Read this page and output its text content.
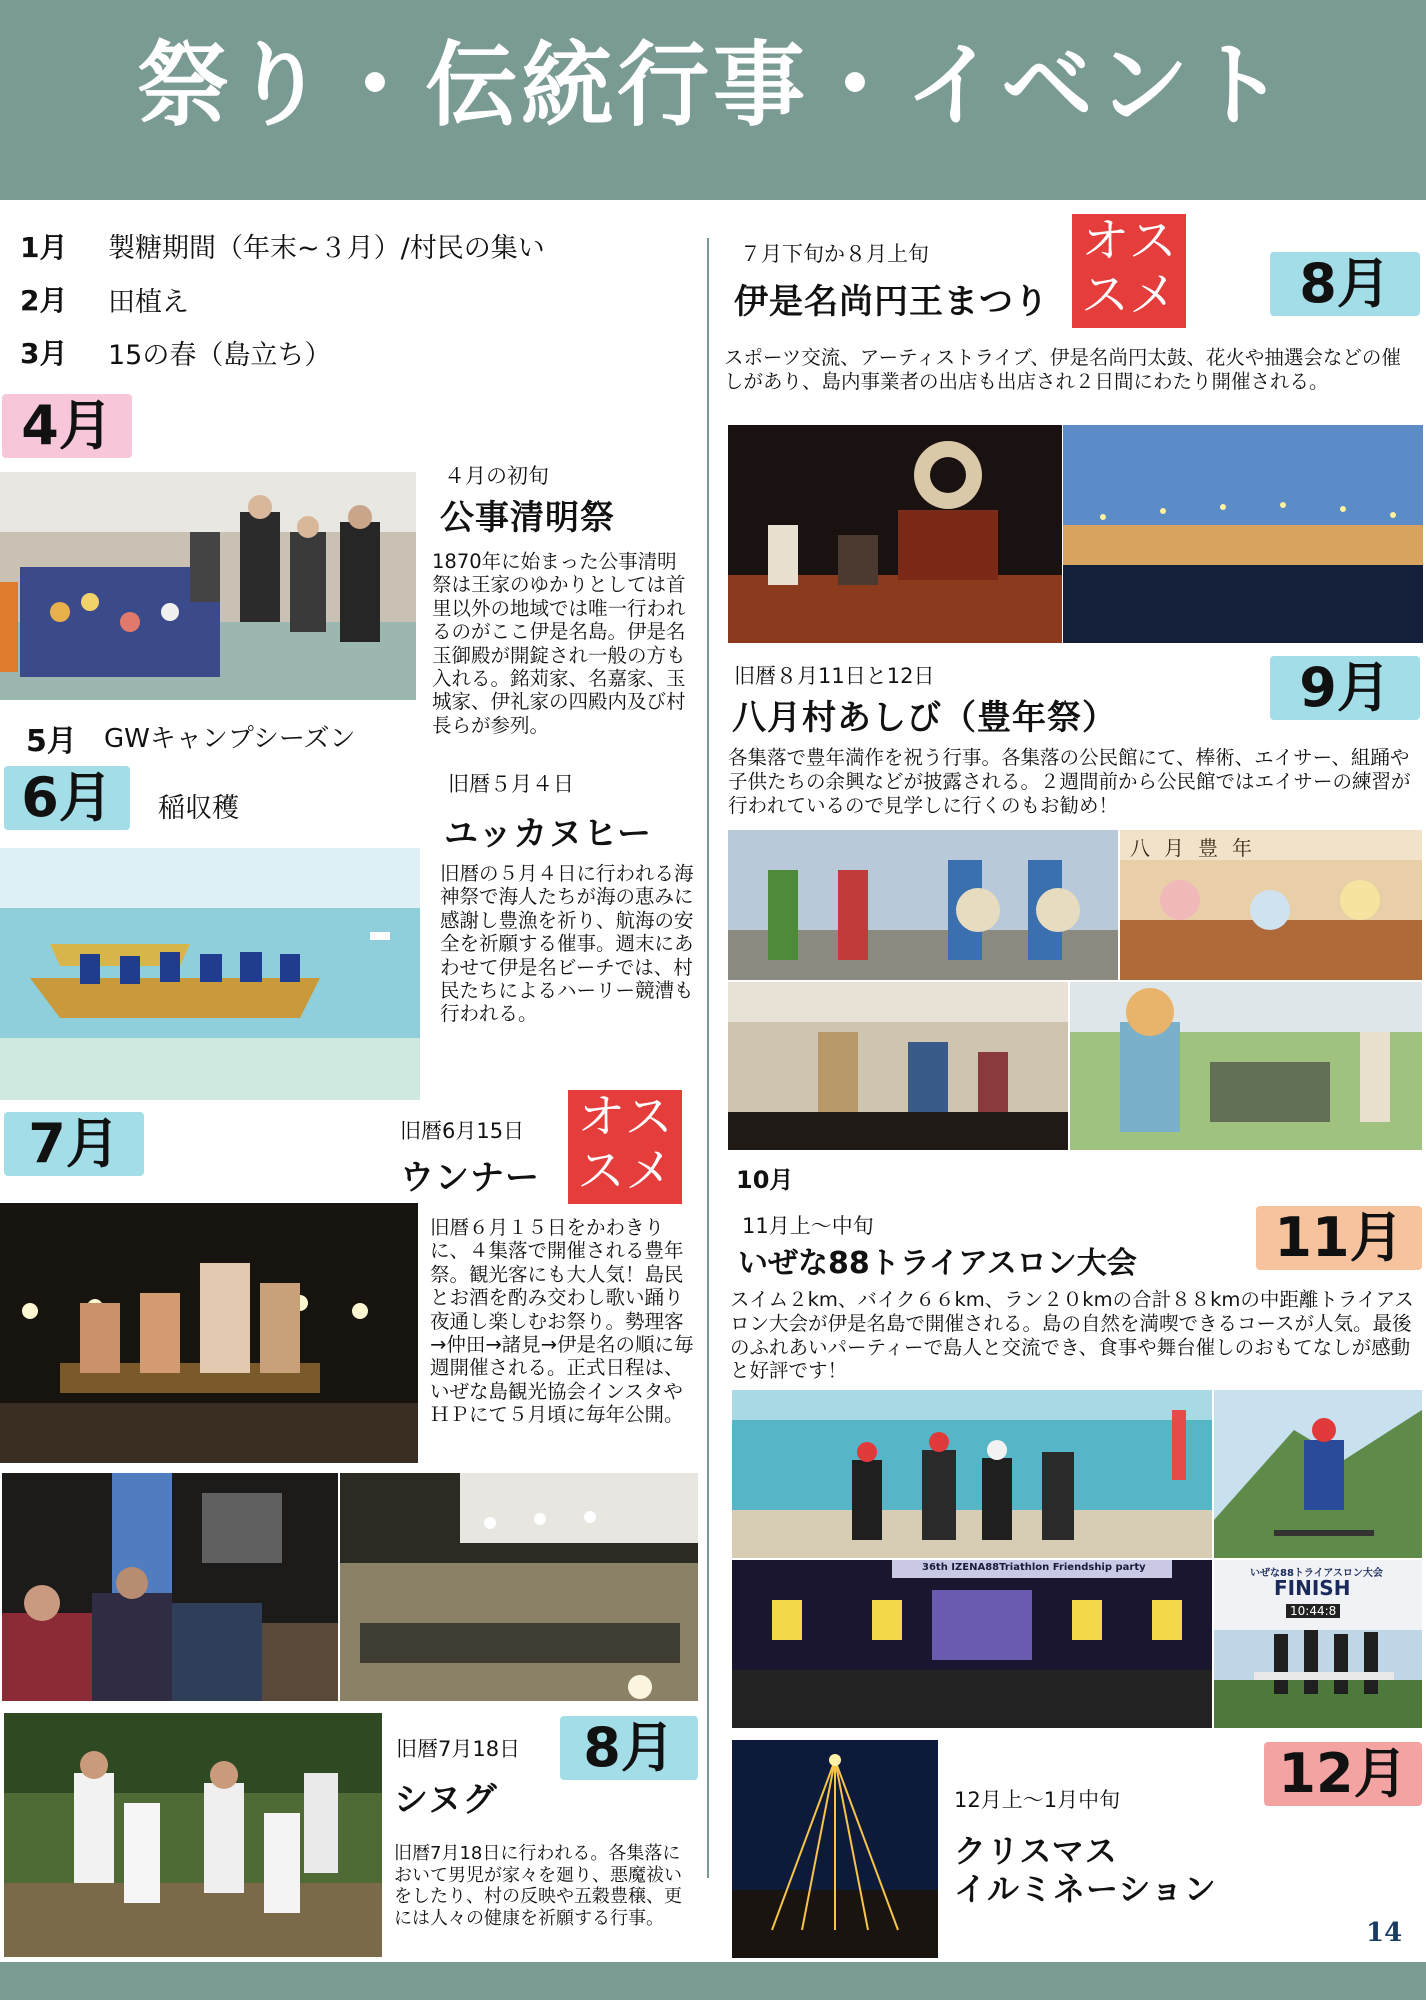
祭り・伝統行事・イベント
1月 製糖期間（年末~３月）/村民の集い
2月 田植え
3月 15の春（島立ち）
4月
４月の初旬
公事清明祭
1870年に始まった公事清明祭は王家のゆかりとしては首里以外の地域では唯一行われるのがここ伊是名島。伊是名玉御殿が開錠され一般の方も入れる。銘苅家、名嘉家、玉城家、伊礼家の四殿内及び村長らが参列。
5月 GWキャンプシーズン
6月	稲収穫
旧暦５月４日
ユッカヌヒー
旧暦の５月４日に行われる海神祭で海人たちが海の恵みに感謝し豊漁を祈り、航海の安全を祈願する催事。週末にあわせて伊是名ビーチでは、村民たちによるハーリー競漕も行われる。
7月	旧暦6月15日
ウンナー
オス
スメ
旧暦６月１５日をかわきりに、４集落で開催される豊年祭。観光客にも大人気！島民とお酒を酌み交わし歌い踊り夜通し楽しむお祭り。勢理客→仲田→諸見→伊是名の順に毎週開催される。正式日程は、いぜな島観光協会インスタやＨＰにて５月頃に毎年公開。
旧暦7月18日
シヌグ
8月
旧暦7月18日に行われる。各集落において男児が家々を廻り、悪魔祓いをしたり、村の反映や五穀豊穣、更には人々の健康を祈願する行事。
７月下旬か８月上旬
伊是名尚円王まつり
オス
スメ	8月
スポーツ交流、アーティストライブ、伊是名尚円太鼓、花火や抽選会などの催しがあり、島内事業者の出店も出店され２日間にわたり開催される。
旧暦８月11日と12日
八月村あしび（豊年祭）	9月
各集落で豊年満作を祝う行事。各集落の公民館にて、棒術、エイサー、組踊や子供たちの余興などが披露される。２週間前から公民館ではエイサーの練習が行われているので見学しに行くのもお勧め！
八月豊年
10月
11月上～中旬
いぜな88トライアスロン大会	11月
スイム２km、バイク６６km、ラン２０kmの合計８８kmの中距離トライアスロン大会が伊是名島で開催される。島の自然を満喫できるコースが人気。最後のふれあいパーティーで島人と交流でき、食事や舞台催しのおもてなしが感動と好評です！
36th IZENA88Triathlon Friendship party
いぜな88トライアスロン大会
FINISH
10:44:8
12月
12月上～1月中旬
クリスマス
イルミネーション
14
